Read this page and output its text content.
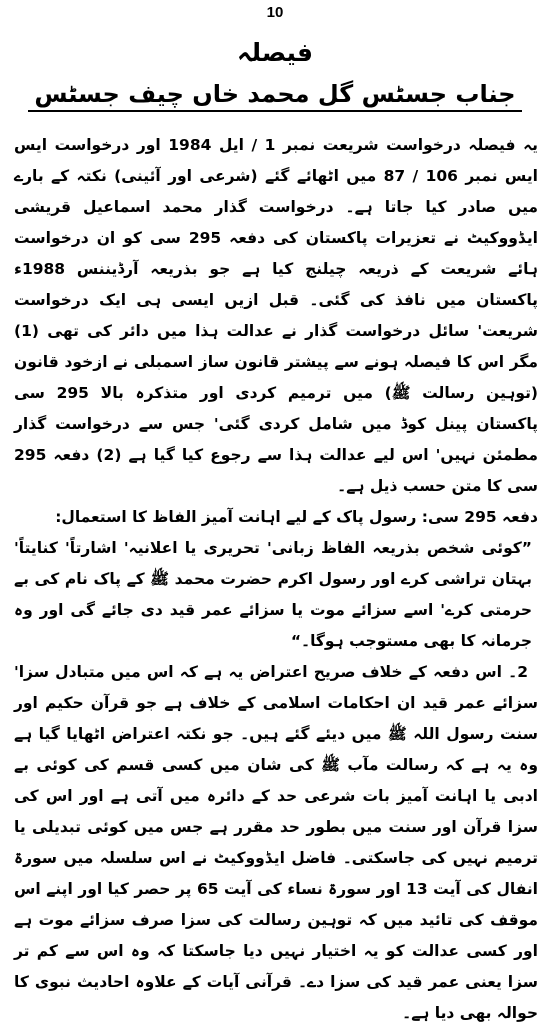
10
فیصلہ
جناب جسٹس گل محمد خاں چیف جسٹس

یہ فیصلہ درخواست شریعت نمبر 1 / ایل 1984 اور درخواست ایس ایس نمبر 106 / 87 میں اٹھائے گئے (شرعی اور آئینی) نکتہ کے بارے میں صادر کیا جاتا ہے۔ درخواست گذار محمد اسماعیل قریشی ایڈووکیٹ نے تعزیرات پاکستان کی دفعہ 295 سی کو ان درخواست ہائے شریعت کے ذریعہ چیلنج کیا ہے جو بذریعہ آرڈیننس 1988ء پاکستان میں نافذ کی گئی۔ قبل ازیں ایسی ہی ایک درخواست شریعت' سائل درخواست گذار نے عدالت ہذا میں دائر کی تھی (1) مگر اس کا فیصلہ ہونے سے پیشتر قانون ساز اسمبلی نے ازخود قانون (توہین رسالت ﷺ) میں ترمیم کردی اور متذکرہ بالا 295 سی پاکستان پینل کوڈ میں شامل کردی گئی' جس سے درخواست گذار مطمئن نہیں' اس لیے عدالت ہذا سے رجوع کیا گیا ہے (2) دفعہ 295 سی کا متن حسب ذیل ہے۔

دفعہ 295 سی: رسول پاک کے لیے اہانت آمیز الفاظ کا استعمال:

”کوئی شخص بذریعہ الفاظ زبانی' تحریری یا اعلانیہ' اشارتاً' کنایتاً' بہتان تراشی کرے اور رسول اکرم حضرت محمد ﷺ کے پاک نام کی بے حرمتی کرے' اسے سزائے موت یا سزائے عمر قید دی جائے گی اور وہ جرمانہ کا بھی مستوجب ہوگا۔“

2۔ اس دفعہ کے خلاف صریح اعتراض یہ ہے کہ اس میں متبادل سزا' سزائے عمر قید ان احکامات اسلامی کے خلاف ہے جو قرآن حکیم اور سنت رسول اللہ ﷺ میں دیئے گئے ہیں۔ جو نکتہ اعتراض اٹھایا گیا ہے وہ یہ ہے کہ رسالت مآب ﷺ کی شان میں کسی قسم کی کوئی بے ادبی یا اہانت آمیز بات شرعی حد کے دائرہ میں آتی ہے اور اس کی سزا قرآن اور سنت میں بطور حد مقرر ہے جس میں کوئی تبدیلی یا ترمیم نہیں کی جاسکتی۔ فاضل ایڈووکیٹ نے اس سلسلہ میں سورۃ انفال کی آیت 13 اور سورۃ نساء کی آیت 65 پر حصر کیا اور اپنے اس موقف کی تائید میں کہ توہین رسالت کی سزا صرف سزائے موت ہے اور کسی عدالت کو یہ اختیار نہیں دیا جاسکتا کہ وہ اس سے کم تر سزا یعنی عمر قید کی سزا دے۔ قرآنی آیات کے علاوہ احادیث نبوی کا حوالہ بھی دیا ہے۔
